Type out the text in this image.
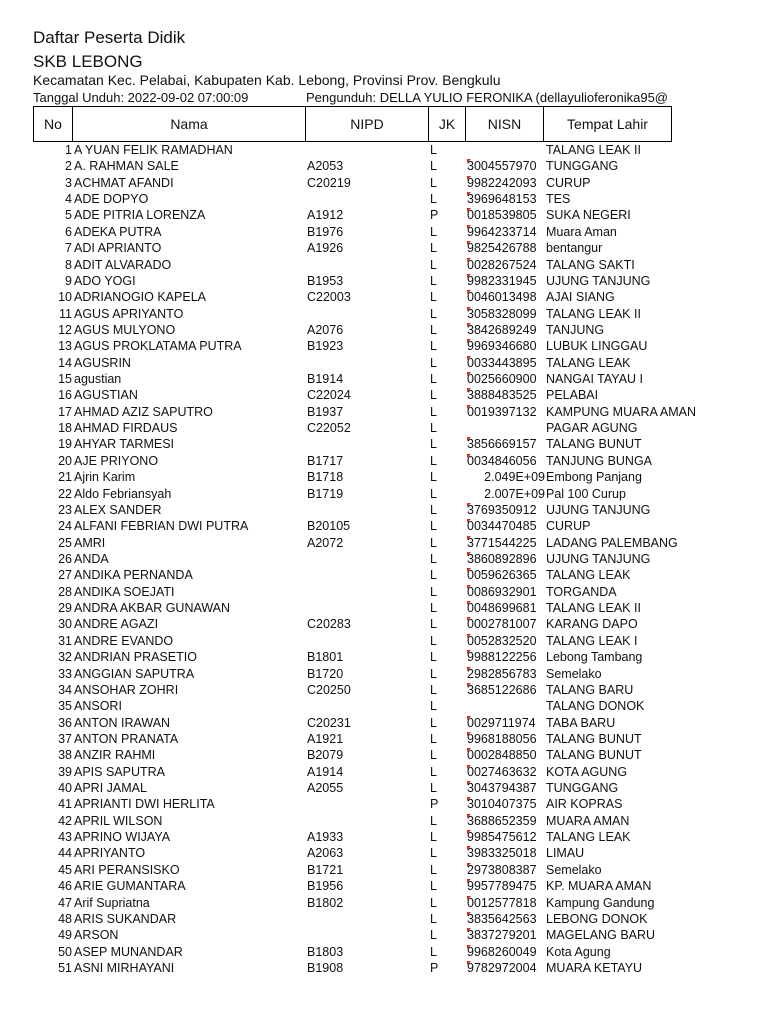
Daftar Peserta Didik
SKB LEBONG
Kecamatan Kec. Pelabai, Kabupaten Kab. Lebong, Provinsi Prov. Bengkulu
Tanggal Unduh: 2022-09-02 07:00:09	Pengunduh: DELLA YULIO FERONIKA (dellayulioferonika95@
No	Nama	NIPD	JK	NISN	Tempat Lahir
1 A YUAN FELIK RAMADHAN	L	TALANG LEAK II
2 A. RAHMAN SALE	A2053	L	3004557970 TUNGGANG
3 ACHMAT AFANDI	C20219	L	9982242093 CURUP
4 ADE DOPYO	L	3969648153 TES
5 ADE PITRIA LORENZA	A1912	P	0018539805 SUKA NEGERI
6 ADEKA PUTRA	B1976	L	9964233714 Muara Aman
7 ADI APRIANTO	A1926	L	9825426788 bentangur
8 ADIT ALVARADO	L	0028267524 TALANG SAKTI
9 ADO YOGI	B1953	L	9982331945 UJUNG TANJUNG
10 ADRIANOGIO KAPELA	C22003	L	0046013498 AJAI SIANG
11 AGUS APRIYANTO	L	3058328099 TALANG LEAK II
12 AGUS MULYONO	A2076	L	3842689249 TANJUNG
13 AGUS PROKLATAMA PUTRA	B1923	L	9969346680 LUBUK LINGGAU
14 AGUSRIN	L	0033443895 TALANG LEAK
15 agustian	B1914	L	0025660900 NANGAI TAYAU I
16 AGUSTIAN	C22024	L	3888483525 PELABAI
17 AHMAD AZIZ SAPUTRO	B1937	L	0019397132 KAMPUNG MUARA AMAN
18 AHMAD FIRDAUS	C22052	L	PAGAR AGUNG
19 AHYAR TARMESI	L	3856669157 TALANG BUNUT
20 AJE PRIYONO	B1717	L	0034846056 TANJUNG BUNGA
21 Ajrin Karim	B1718	L	2.049E+09 Embong Panjang
22 Aldo Febriansyah	B1719	L	2.007E+09 Pal 100 Curup
23 ALEX SANDER	L	3769350912 UJUNG TANJUNG
24 ALFANI FEBRIAN DWI PUTRA	B20105	L	0034470485 CURUP
25 AMRI	A2072	L	3771544225 LADANG PALEMBANG
26 ANDA	L	3860892896 UJUNG TANJUNG
27 ANDIKA PERNANDA	L	0059626365 TALANG LEAK
28 ANDIKA SOEJATI	L	0086932901 TORGANDA
29 ANDRA AKBAR GUNAWAN	L	0048699681 TALANG LEAK II
30 ANDRE AGAZI	C20283	L	0002781007 KARANG DAPO
31 ANDRE EVANDO	L	0052832520 TALANG LEAK I
32 ANDRIAN PRASETIO	B1801	L	9988122256 Lebong Tambang
33 ANGGIAN SAPUTRA	B1720	L	2982856783 Semelako
34 ANSOHAR ZOHRI	C20250	L	3685122686 TALANG BARU
35 ANSORI	L	TALANG DONOK
36 ANTON IRAWAN	C20231	L	0029711974 TABA BARU
37 ANTON PRANATA	A1921	L	9968188056 TALANG BUNUT
38 ANZIR RAHMI	B2079	L	0002848850 TALANG BUNUT
39 APIS SAPUTRA	A1914	L	0027463632 KOTA AGUNG
40 APRI JAMAL	A2055	L	3043794387 TUNGGANG
41 APRIANTI DWI HERLITA	P	3010407375 AIR KOPRAS
42 APRIL WILSON	L	3688652359 MUARA AMAN
43 APRINO WIJAYA	A1933	L	9985475612 TALANG LEAK
44 APRIYANTO	A2063	L	3983325018 LIMAU
45 ARI PERANSISKO	B1721	L	2973808387 Semelako
46 ARIE GUMANTARA	B1956	L	9957789475 KP. MUARA AMAN
47 Arif Supriatna	B1802	L	0012577818 Kampung Gandung
48 ARIS SUKANDAR	L	3835642563 LEBONG DONOK
49 ARSON	L	3837279201 MAGELANG BARU
50 ASEP MUNANDAR	B1803	L	9968260049 Kota Agung
51 ASNI MIRHAYANI	B1908	P	9782972004 MUARA KETAYU
